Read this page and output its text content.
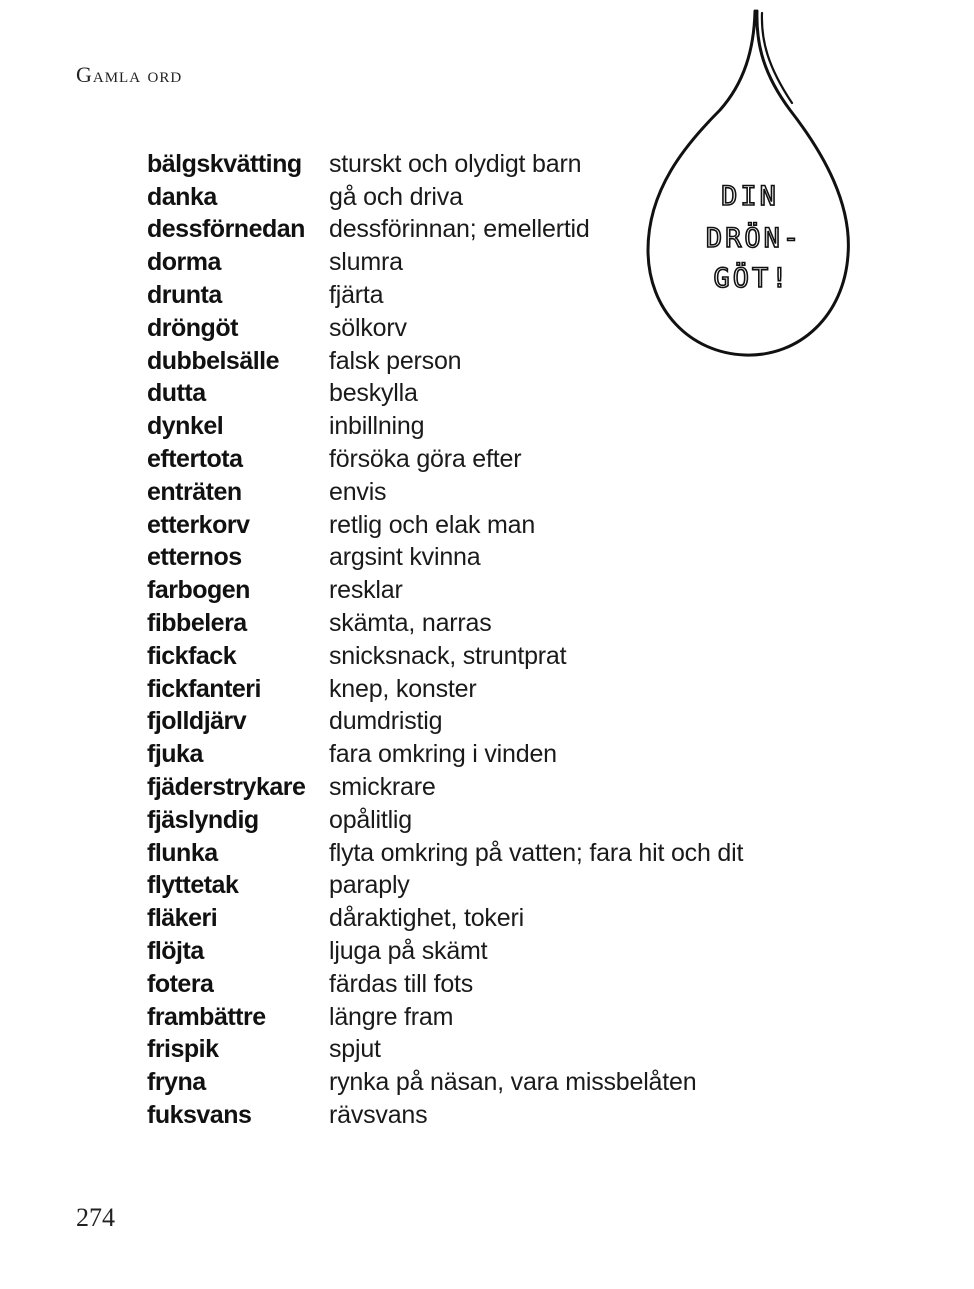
Gamla ord
DIN
DRÖN-
GÖT!
bälgskvätting	sturskt och olydigt barn
danka	gå och driva
dessförnedan dessförinnan; emellertid
dorma	slumra
drunta	fjärta
dröngöt	sölkorv
dubbelsälle	falsk person
dutta	beskylla
dynkel	inbillning
eftertota	försöka göra efter
enträten	envis
etterkorv	retlig och elak man
etternos	argsint kvinna
farbogen	resklar
fibbelera	skämta, narras
fickfack	snicksnack, struntprat
fickfanteri	knep, konster
fjolldjärv	dumdristig
fjuka	fara omkring i vinden
fjäderstrykare smickrare
fjäslyndig	opålitlig
flunka	flyta omkring på vatten; fara hit och dit
flyttetak	paraply
fläkeri	dåraktighet, tokeri
flöjta	ljuga på skämt
fotera	färdas till fots
frambättre	längre fram
frispik	spjut
fryna	rynka på näsan, vara missbelåten
fuksvans	rävsvans
274
